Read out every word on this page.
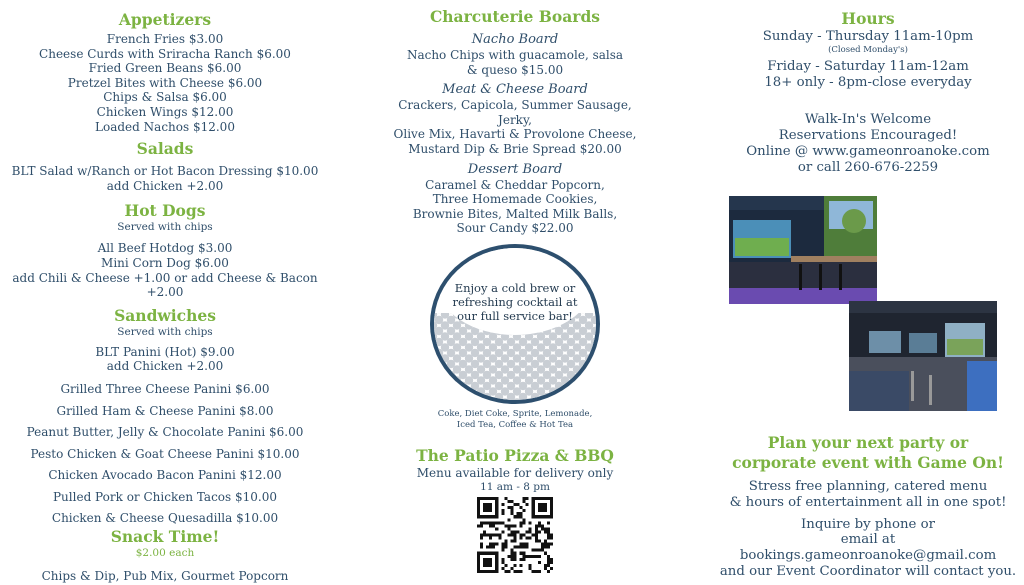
Appetizers
French Fries $3.00
Cheese Curds with Sriracha Ranch $6.00
Fried Green Beans $6.00
Pretzel Bites with Cheese $6.00
Chips & Salsa $6.00
Chicken Wings $12.00
Loaded Nachos $12.00
Salads
BLT Salad w/Ranch or Hot Bacon Dressing $10.00
add Chicken +2.00
Hot Dogs
Served with chips
All Beef Hotdog $3.00
Mini Corn Dog $6.00
add Chili & Cheese +1.00 or add Cheese & Bacon +2.00
Sandwiches
Served with chips
BLT Panini (Hot) $9.00
add Chicken +2.00
Grilled Three Cheese Panini $6.00
Grilled Ham & Cheese Panini $8.00
Peanut Butter, Jelly & Chocolate Panini $6.00
Pesto Chicken & Goat Cheese Panini $10.00
Chicken Avocado Bacon Panini $12.00
Pulled Pork or Chicken Tacos $10.00
Chicken & Cheese Quesadilla $10.00
Snack Time!
$2.00 each
Chips & Dip, Pub Mix, Gourmet Popcorn
Charcuterie Boards
Nacho Board
Nacho Chips with guacamole, salsa
& queso $15.00
Meat & Cheese Board
Crackers, Capicola, Summer Sausage, Jerky,
Olive Mix, Havarti & Provolone Cheese,
Mustard Dip & Brie Spread $20.00
Dessert Board
Caramel & Cheddar Popcorn,
Three Homemade Cookies,
Brownie Bites, Malted Milk Balls,
Sour Candy $22.00
Coke, Diet Coke, Sprite, Lemonade,
Iced Tea, Coffee & Hot Tea
The Patio Pizza & BBQ
Menu available for delivery only
11 am - 8 pm
Enjoy a cold brew or
refreshing cocktail at
our full service bar!
Hours
Sunday - Thursday 11am-10pm
(Closed Monday's)
Friday - Saturday 11am-12am
18+ only - 8pm-close everyday
Walk-In's Welcome
Reservations Encouraged!
Online @ www.gameonroanoke.com
or call 260-676-2259
Plan your next party or
corporate event with Game On!
Stress free planning, catered menu
& hours of entertainment all in one spot!
Inquire by phone or
email at bookings.gameonroanoke@gmail.com
and our Event Coordinator will contact you.
